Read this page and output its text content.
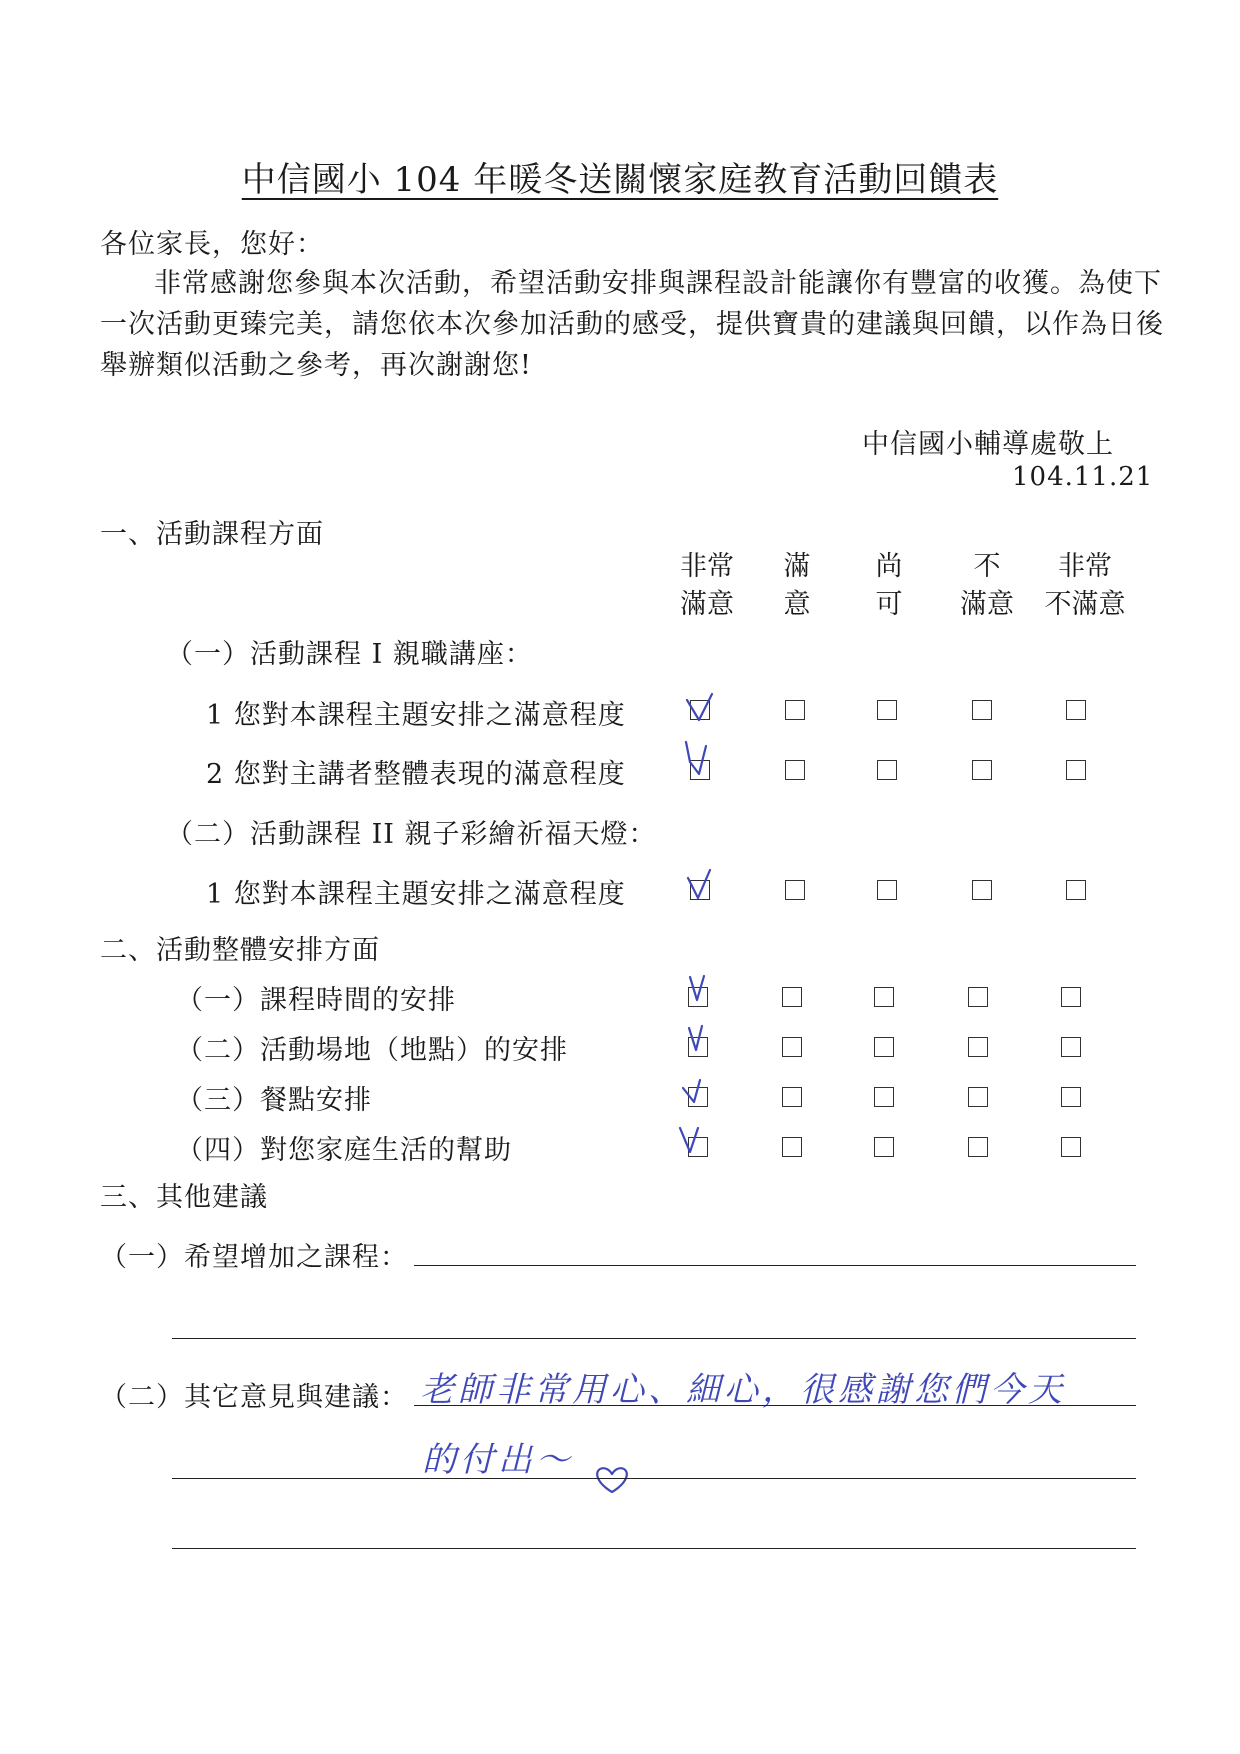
中信國小 104 年暖冬送關懷家庭教育活動回饋表
各位家長，您好：
非常感謝您參與本次活動，希望活動安排與課程設計能讓你有豐富的收獲。為使下一次活動更臻完美，請您依本次參加活動的感受，提供寶貴的建議與回饋，以作為日後舉辦類似活動之參考，再次謝謝您!
中信國小輔導處敬上
104.11.21
一、活動課程方面
非常
滿意
滿
意
尚
可
不
滿意
非常
不滿意
（一）活動課程 I 親職講座：
1 您對本課程主題安排之滿意程度
2 您對主講者整體表現的滿意程度
（二）活動課程 II 親子彩繪祈福天燈：
1 您對本課程主題安排之滿意程度
二、活動整體安排方面
（一）課程時間的安排
（二）活動場地（地點）的安排
（三）餐點安排
（四）對您家庭生活的幫助
三、其他建議
（一）希望增加之課程：
（二）其它意見與建議： 老師非常用心、細心，很感謝您們今天
的付出～
